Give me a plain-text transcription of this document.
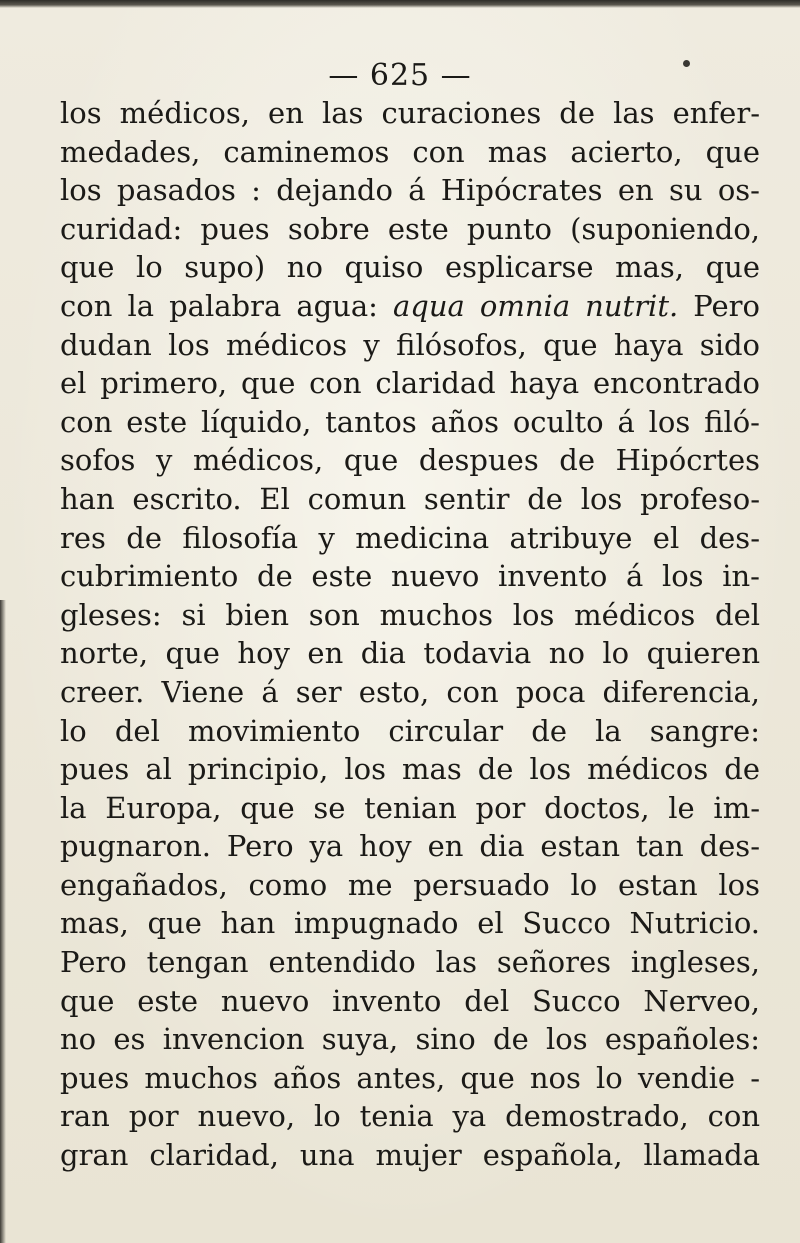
— 625 —
los médicos, en las curaciones de las enfer-
medades, caminemos con mas acierto, que
los pasados : dejando á Hipócrates en su os-
curidad: pues sobre este punto (suponiendo,
que lo supo) no quiso esplicarse mas, que
con la palabra agua: aqua omnia nutrit. Pero
dudan los médicos y filósofos, que haya sido
el primero, que con claridad haya encontrado
con este líquido, tantos años oculto á los filó-
sofos y médicos, que despues de Hipócrtes
han escrito. El comun sentir de los profeso-
res de filosofía y medicina atribuye el des-
cubrimiento de este nuevo invento á los in-
gleses: si bien son muchos los médicos del
norte, que hoy en dia todavia no lo quieren
creer. Viene á ser esto, con poca diferencia,
lo del movimiento circular de la sangre:
pues al principio, los mas de los médicos de
la Europa, que se tenian por doctos, le im-
pugnaron. Pero ya hoy en dia estan tan des-
engañados, como me persuado lo estan los
mas, que han impugnado el Succo Nutricio.
Pero tengan entendido las señores ingleses,
que este nuevo invento del Succo Nerveo,
no es invencion suya, sino de los españoles:
pues muchos años antes, que nos lo vendie -
ran por nuevo, lo tenia ya demostrado, con
gran claridad, una mujer española, llamada
